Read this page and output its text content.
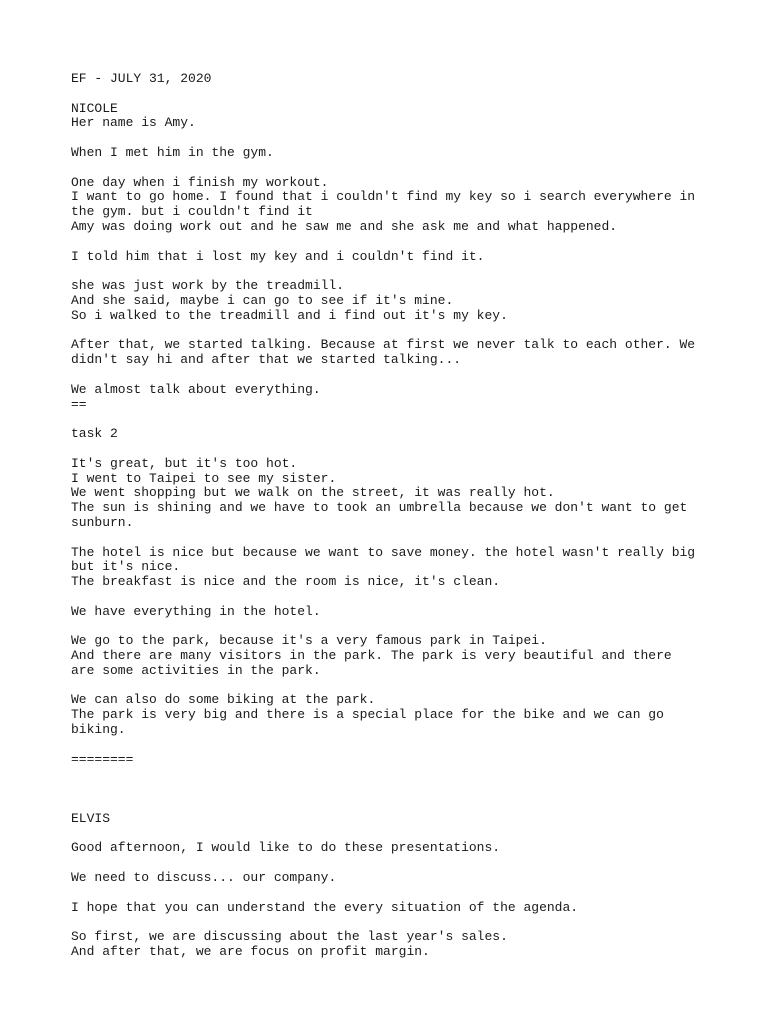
EF - JULY 31, 2020
NICOLE
Her name is Amy.
When I met him in the gym.
One day when i finish my workout.
I want to go home. I found that i couldn't find my key so i search everywhere in the gym. but i couldn't find it
Amy was doing work out and he saw me and she ask me and what happened.
I told him that i lost my key and i couldn't find it.
she was just work by the treadmill.
And she said, maybe i can go to see if it's mine.
So i walked to the treadmill and i find out it's my key.
After that, we started talking. Because at first we never talk to each other. We didn't say hi and after that we started talking...
We almost talk about everything.
==
task 2
It's great, but it's too hot.
I went to Taipei to see my sister.
We went shopping but we walk on the street, it was really hot.
The sun is shining and we have to took an umbrella because we don't want to get sunburn.
The hotel is nice but because we want to save money. the hotel wasn't really big but it's nice.
The breakfast is nice and the room is nice, it's clean.
We have everything in the hotel.
We go to the park, because it's a very famous park in Taipei.
And there are many visitors in the park. The park is very beautiful and there are some activities in the park.
We can also do some biking at the park.
The park is very big and there is a special place for the bike and we can go biking.
========
ELVIS
Good afternoon, I would like to do these presentations.
We need to discuss... our company.
I hope that you can understand the every situation of the agenda.
So first, we are discussing about the last year's sales.
And after that, we are focus on profit margin.
